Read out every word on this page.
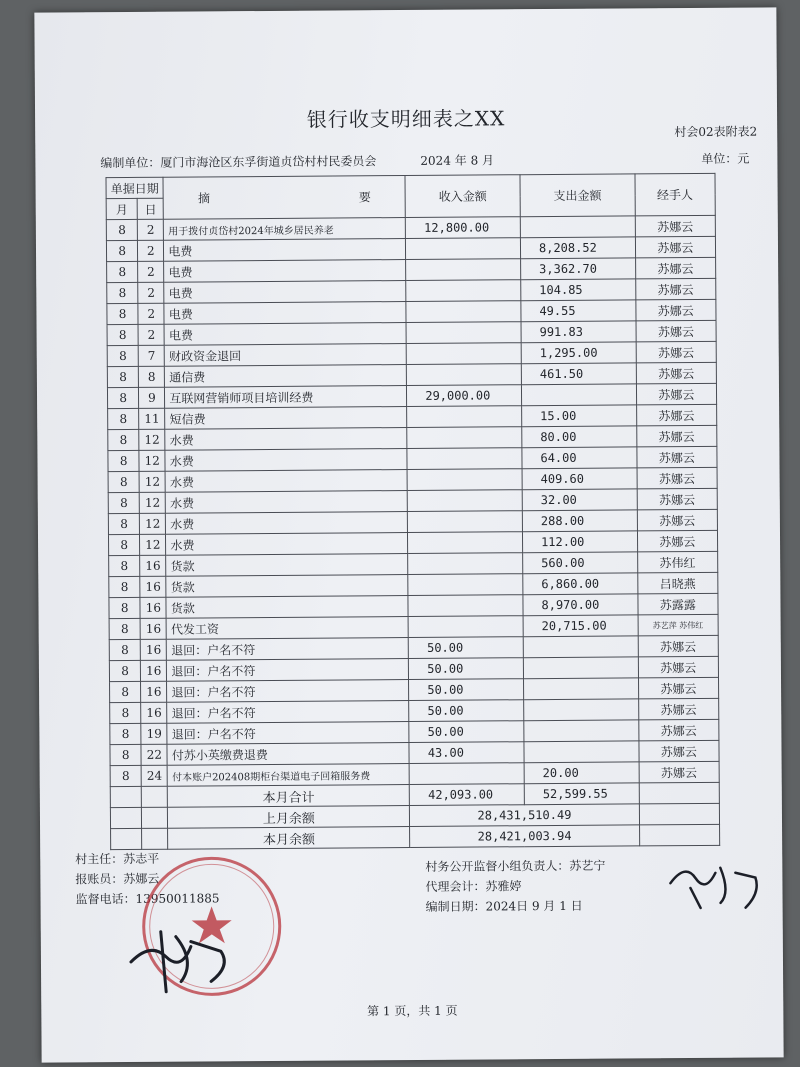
银行收支明细表之XX
村会02表附表2
编制单位：厦门市海沧区东孚街道贞岱村村民委员会	2024 年 8 月	单位：元
单据日期		摘 要	收入金额	支出金额	经手人
月	日				
8	2	用于拨付贞岱村2024年城乡居民养老	12,800.00		苏娜云
8	2	电费		8,208.52	苏娜云
8	2	电费		3,362.70	苏娜云
8	2	电费		104.85	苏娜云
8	2	电费		49.55	苏娜云
8	2	电费		991.83	苏娜云
8	7	财政资金退回		1,295.00	苏娜云
8	8	通信费		461.50	苏娜云
8	9	互联网营销师项目培训经费	29,000.00		苏娜云
8	11	短信费		15.00	苏娜云
8	12	水费		80.00	苏娜云
8	12	水费		64.00	苏娜云
8	12	水费		409.60	苏娜云
8	12	水费		32.00	苏娜云
8	12	水费		288.00	苏娜云
8	12	水费		112.00	苏娜云
8	16	货款		560.00	苏伟红
8	16	货款		6,860.00	吕晓燕
8	16	货款		8,970.00	苏露露
8	16	代发工资		20,715.00	苏艺萍 苏伟红
8	16	退回：户名不符	50.00		苏娜云
8	16	退回：户名不符	50.00		苏娜云
8	16	退回：户名不符	50.00		苏娜云
8	16	退回：户名不符	50.00		苏娜云
8	19	退回：户名不符	50.00		苏娜云
8	22	付苏小英缴费退费	43.00		苏娜云
8	24	付本账户202408期柜台渠道电子回箱服务费		20.00	苏娜云
		本月合计	42,093.00	52,599.55	
		上月余额	28,431,510.49		
		本月余额	28,421,003.94		
村主任：苏志平
报账员：苏娜云
监督电话：13950011885
村务公开监督小组负责人：苏艺宁
代理会计：苏雅婷
编制日期：2024日 9 月 1 日
第 1 页，共 1 页
